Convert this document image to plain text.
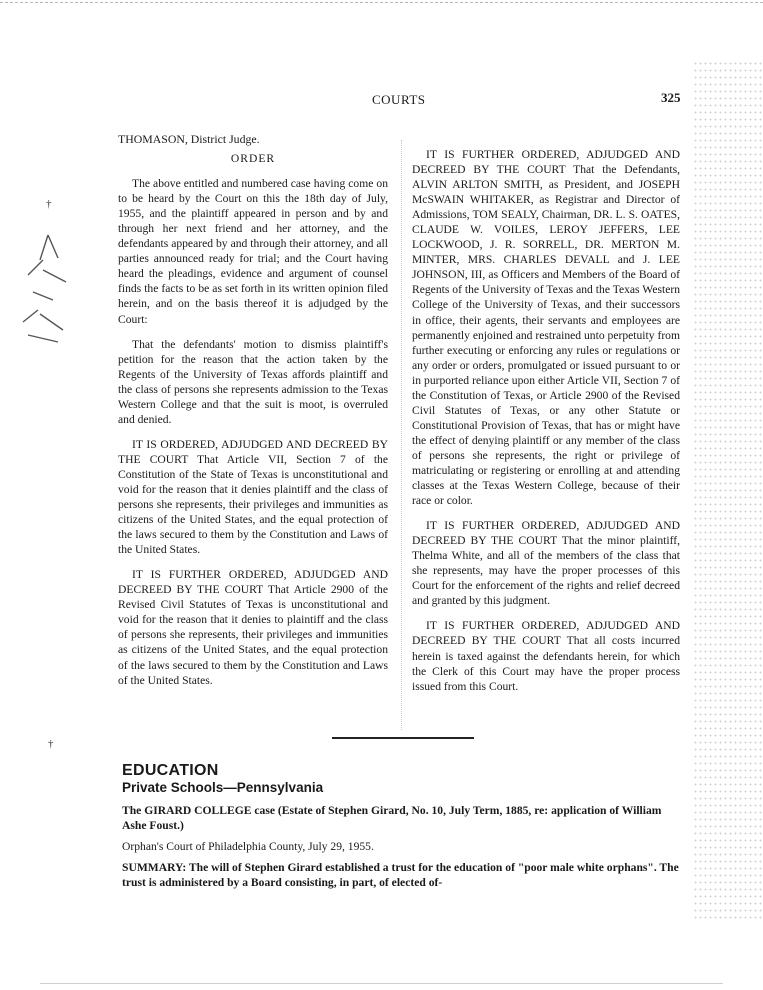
COURTS	325

THOMASON, District Judge.

ORDER

The above entitled and numbered case having come on to be heard by the Court on this the 18th day of July, 1955, and the plaintiff appeared in person and by and through her next friend and her attorney, and the defendants appeared by and through their attorney, and all parties announced ready for trial; and the Court having heard the pleadings, evidence and argument of counsel finds the facts to be as set forth in its written opinion filed herein, and on the basis thereof it is adjudged by the Court:

That the defendants' motion to dismiss plaintiff's petition for the reason that the action taken by the Regents of the University of Texas affords plaintiff and the class of persons she represents admission to the Texas Western College and that the suit is moot, is overruled and denied.

IT IS ORDERED, ADJUDGED AND DECREED BY THE COURT That Article VII, Section 7 of the Constitution of the State of Texas is unconstitutional and void for the reason that it denies plaintiff and the class of persons she represents, their privileges and immunities as citizens of the United States, and the equal protection of the laws secured to them by the Constitution and Laws of the United States.

IT IS FURTHER ORDERED, ADJUDGED AND DECREED BY THE COURT That Article 2900 of the Revised Civil Statutes of Texas is unconstitutional and void for the reason that it denies to plaintiff and the class of persons she represents, their privileges and immunities as citizens of the United States, and the equal protection of the laws secured to them by the Constitution and Laws of the United States.

IT IS FURTHER ORDERED, ADJUDGED AND DECREED BY THE COURT That the Defendants, ALVIN ARLTON SMITH, as President, and JOSEPH McSWAIN WHITAKER, as Registrar and Director of Admissions, TOM SEALY, Chairman, DR. L. S. OATES, CLAUDE W. VOILES, LEROY JEFFERS, LEE LOCKWOOD, J. R. SORRELL, DR. MERTON M. MINTER, MRS. CHARLES DEVALL and J. LEE JOHNSON, III, as Officers and Members of the Board of Regents of the University of Texas and the Texas Western College of the University of Texas, and their successors in office, their agents, their servants and employees are permanently enjoined and restrained unto perpetuity from further executing or enforcing any rules or regulations or any order or orders, promulgated or issued pursuant to or in purported reliance upon either Article VII, Section 7 of the Constitution of Texas, or Article 2900 of the Revised Civil Statutes of Texas, or any other Statute or Constitutional Provision of Texas, that has or might have the effect of denying plaintiff or any member of the class of persons she represents, the right or privilege of matriculating or registering or enrolling at and attending classes at the Texas Western College, because of their race or color.

IT IS FURTHER ORDERED, ADJUDGED AND DECREED BY THE COURT That the minor plaintiff, Thelma White, and all of the members of the class that she represents, may have the proper processes of this Court for the enforcement of the rights and relief decreed and granted by this judgment.

IT IS FURTHER ORDERED, ADJUDGED AND DECREED BY THE COURT That all costs incurred herein is taxed against the defendants herein, for which the Clerk of this Court may have the proper process issued from this Court.

†
†
EDUCATION
Private Schools—Pennsylvania

The GIRARD COLLEGE case (Estate of Stephen Girard, No. 10, July Term, 1885, re: application of William Ashe Foust.)

Orphan's Court of Philadelphia County, July 29, 1955.

SUMMARY: The will of Stephen Girard established a trust for the education of "poor male white orphans". The trust is administered by a Board consisting, in part, of elected of-
